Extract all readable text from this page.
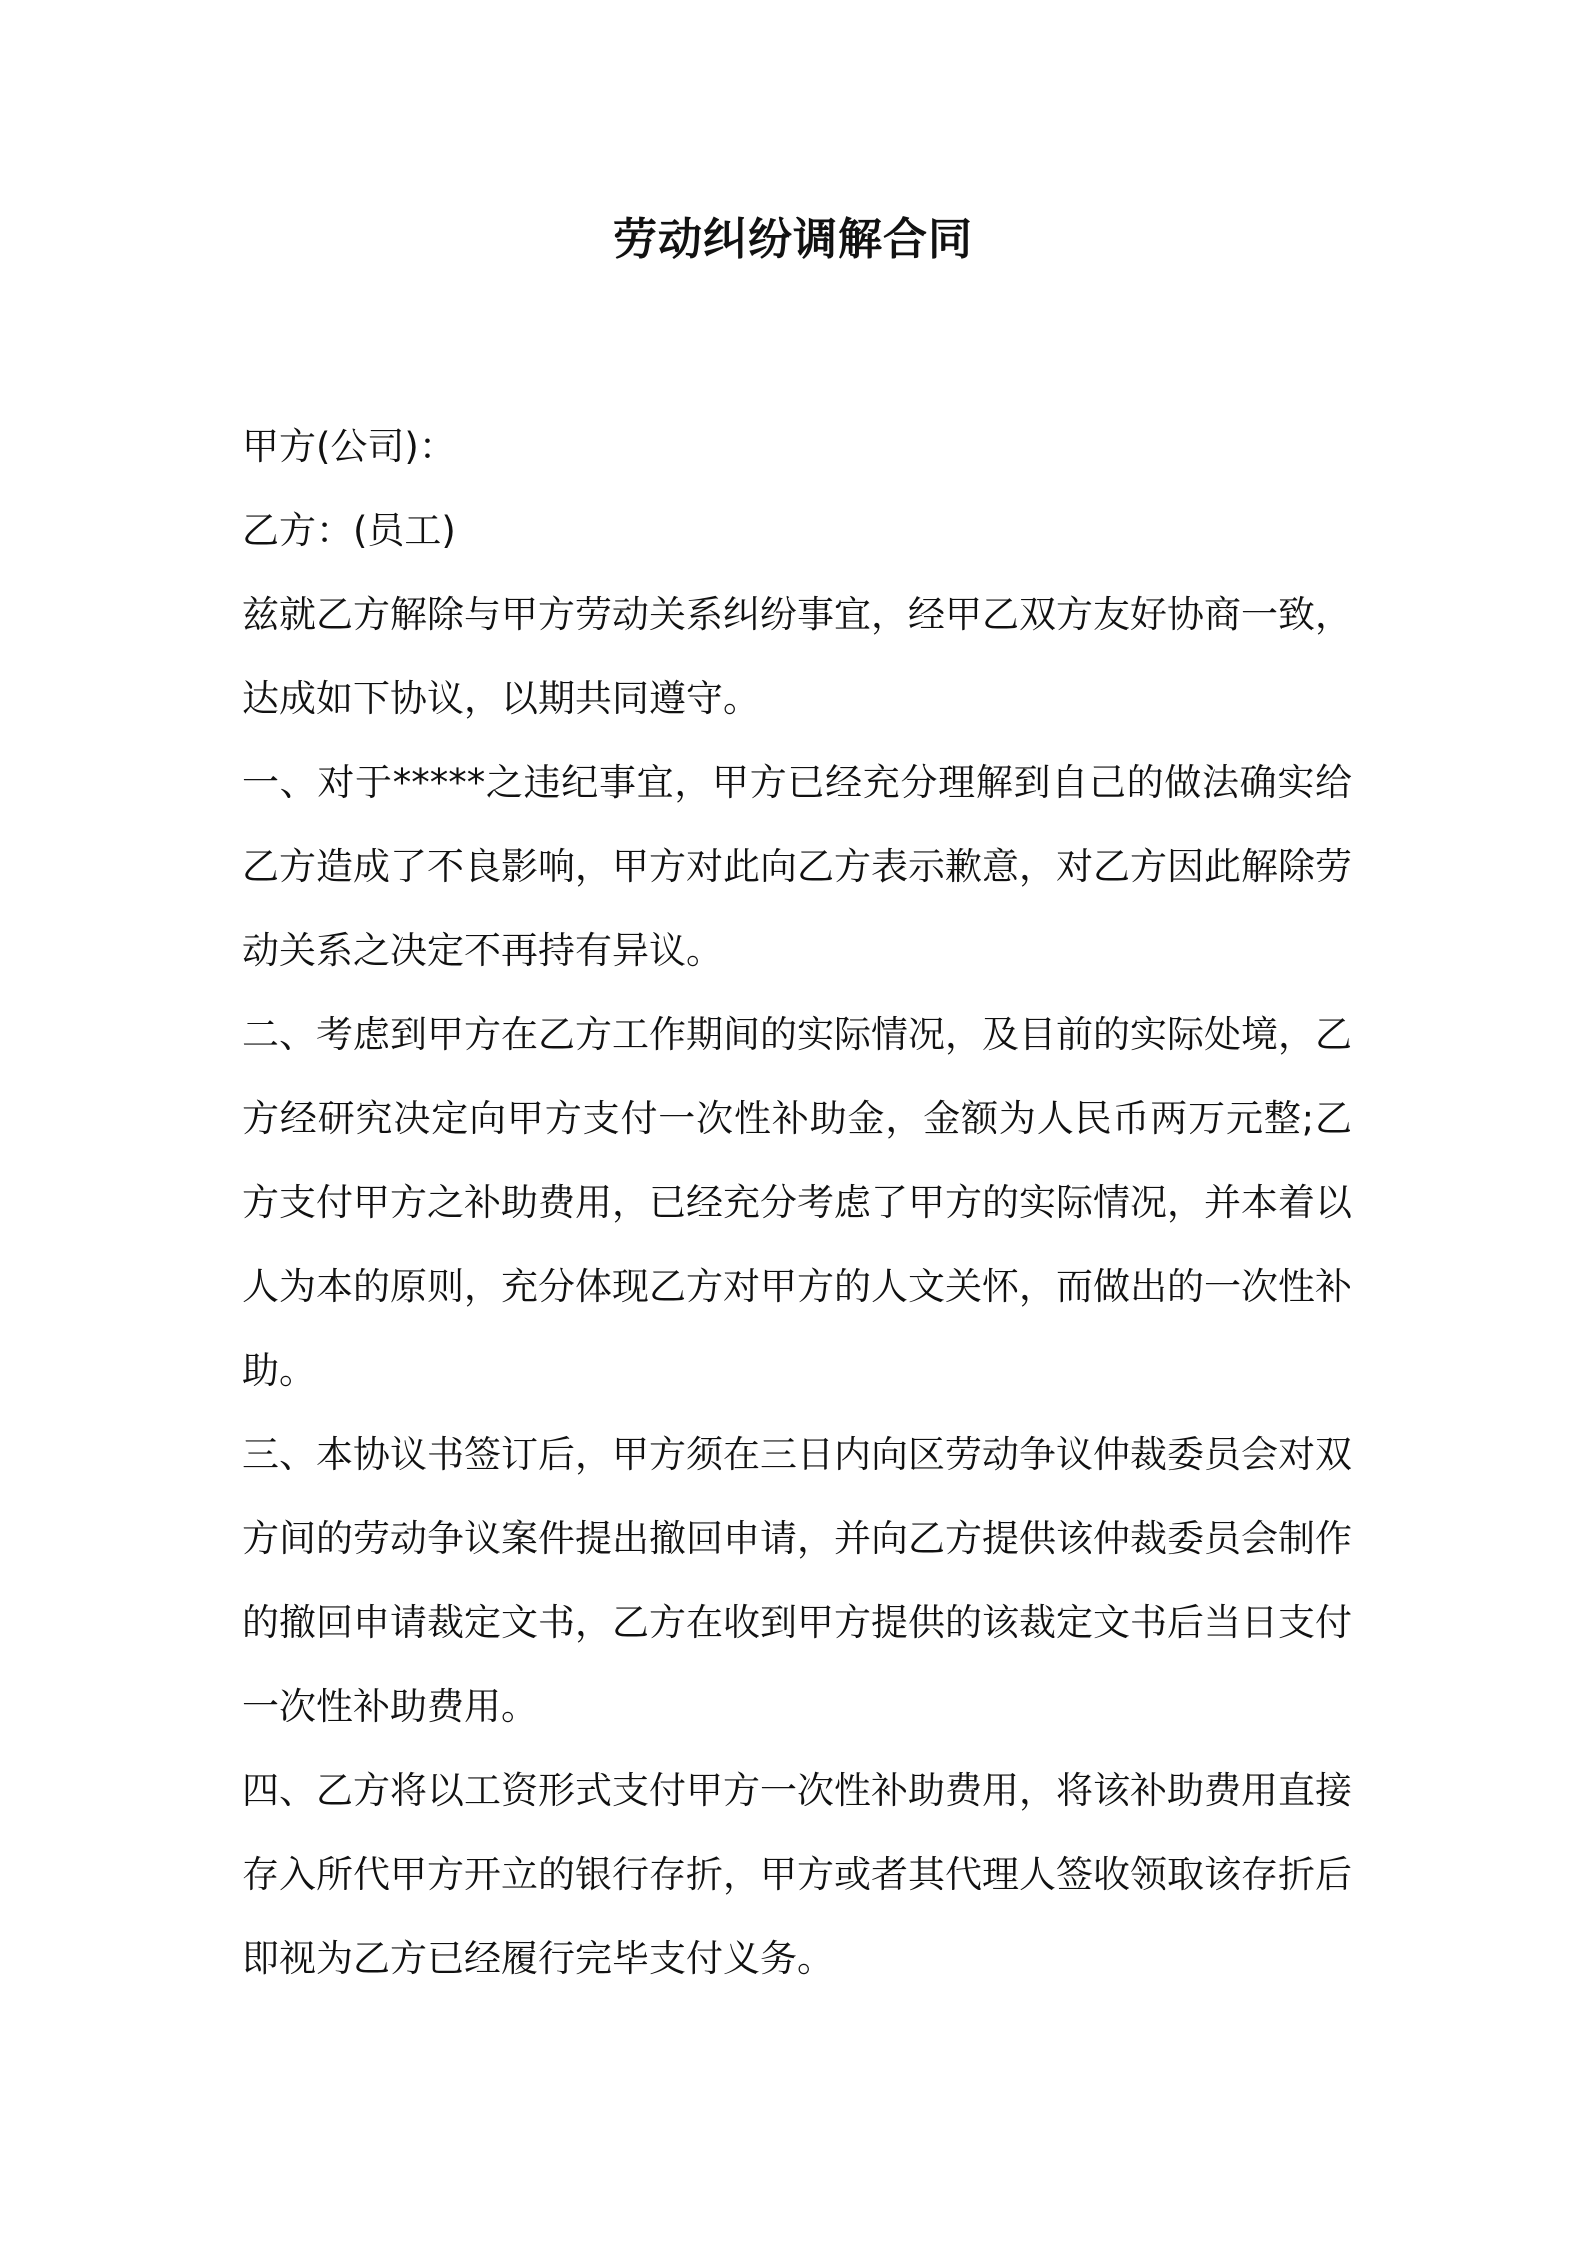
劳动纠纷调解合同
甲方(公司)：
乙方：(员工)
兹就乙方解除与甲方劳动关系纠纷事宜，经甲乙双方友好协商一致，
达成如下协议，以期共同遵守。
一、对于*****之违纪事宜，甲方已经充分理解到自己的做法确实给
乙方造成了不良影响，甲方对此向乙方表示歉意，对乙方因此解除劳
动关系之决定不再持有异议。
二、考虑到甲方在乙方工作期间的实际情况，及目前的实际处境，乙
方经研究决定向甲方支付一次性补助金，金额为人民币两万元整;乙
方支付甲方之补助费用，已经充分考虑了甲方的实际情况，并本着以
人为本的原则，充分体现乙方对甲方的人文关怀，而做出的一次性补
助。
三、本协议书签订后，甲方须在三日内向区劳动争议仲裁委员会对双
方间的劳动争议案件提出撤回申请，并向乙方提供该仲裁委员会制作
的撤回申请裁定文书，乙方在收到甲方提供的该裁定文书后当日支付
一次性补助费用。
四、乙方将以工资形式支付甲方一次性补助费用，将该补助费用直接
存入所代甲方开立的银行存折，甲方或者其代理人签收领取该存折后
即视为乙方已经履行完毕支付义务。
